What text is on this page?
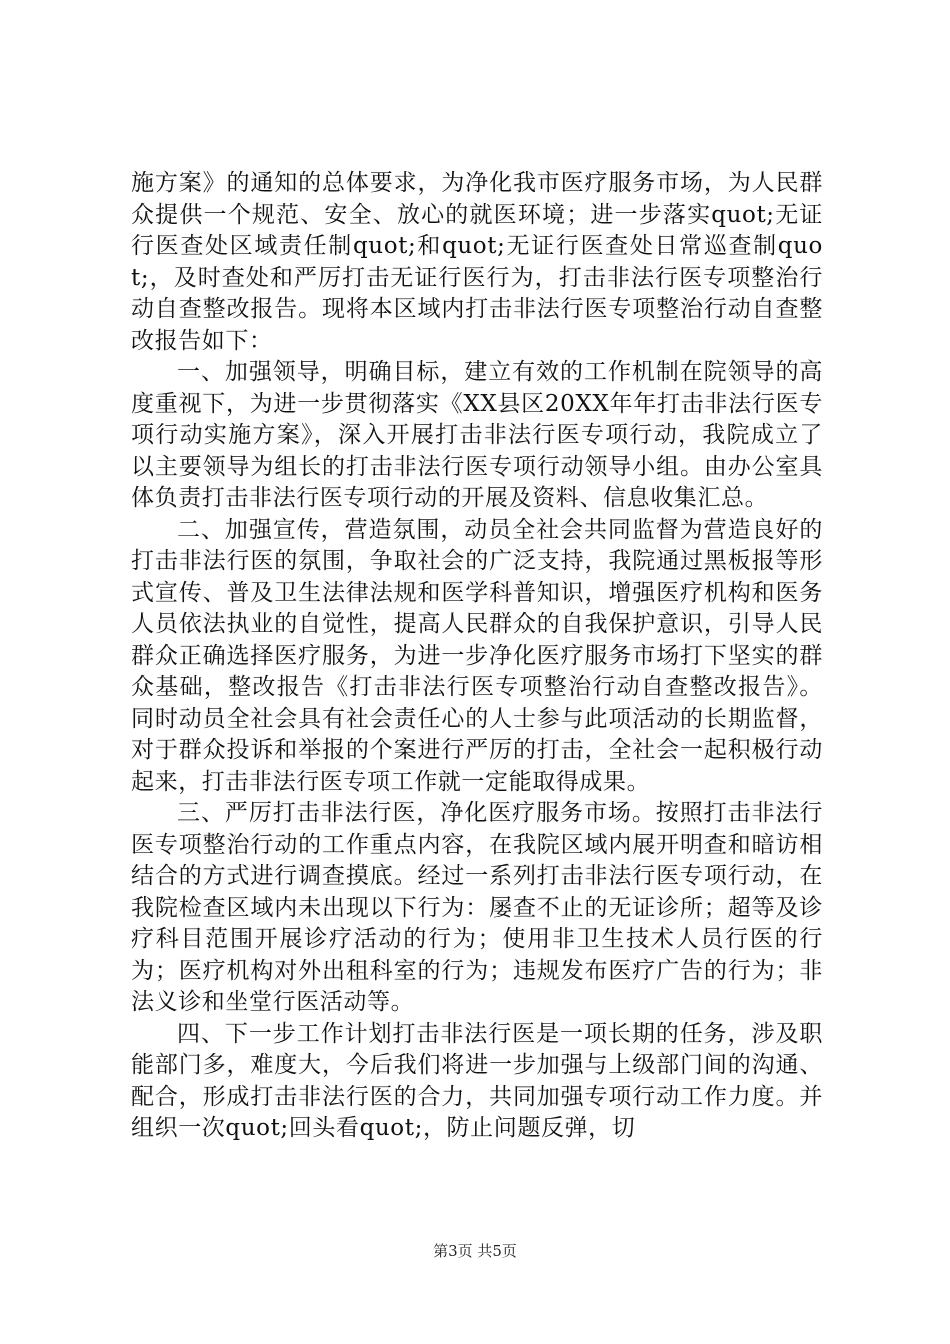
施方案》的通知的总体要求，为净化我市医疗服务市场，为人民群众提供一个规范、安全、放心的就医环境；进一步落实quot;无证行医查处区域责任制quot;和quot;无证行医查处日常巡查制quot;，及时查处和严厉打击无证行医行为，打击非法行医专项整治行动自查整改报告。现将本区域内打击非法行医专项整治行动自查整改报告如下：

一、加强领导，明确目标，建立有效的工作机制在院领导的高度重视下，为进一步贯彻落实《XX县区20XX年年打击非法行医专项行动实施方案》，深入开展打击非法行医专项行动，我院成立了以主要领导为组长的打击非法行医专项行动领导小组。由办公室具体负责打击非法行医专项行动的开展及资料、信息收集汇总。

二、加强宣传，营造氛围，动员全社会共同监督为营造良好的打击非法行医的氛围，争取社会的广泛支持，我院通过黑板报等形式宣传、普及卫生法律法规和医学科普知识，增强医疗机构和医务人员依法执业的自觉性，提高人民群众的自我保护意识，引导人民群众正确选择医疗服务，为进一步净化医疗服务市场打下坚实的群众基础，整改报告《打击非法行医专项整治行动自查整改报告》。同时动员全社会具有社会责任心的人士参与此项活动的长期监督，对于群众投诉和举报的个案进行严厉的打击，全社会一起积极行动起来，打击非法行医专项工作就一定能取得成果。

三、严厉打击非法行医，净化医疗服务市场。按照打击非法行医专项整治行动的工作重点内容，在我院区域内展开明查和暗访相结合的方式进行调查摸底。经过一系列打击非法行医专项行动，在我院检查区域内未出现以下行为：屡查不止的无证诊所；超等及诊疗科目范围开展诊疗活动的行为；使用非卫生技术人员行医的行为；医疗机构对外出租科室的行为；违规发布医疗广告的行为；非法义诊和坐堂行医活动等。

四、下一步工作计划打击非法行医是一项长期的任务，涉及职能部门多，难度大，今后我们将进一步加强与上级部门间的沟通、配合，形成打击非法行医的合力，共同加强专项行动工作力度。并组织一次quot;回头看quot;，防止问题反弹，切

第3页 共5页
